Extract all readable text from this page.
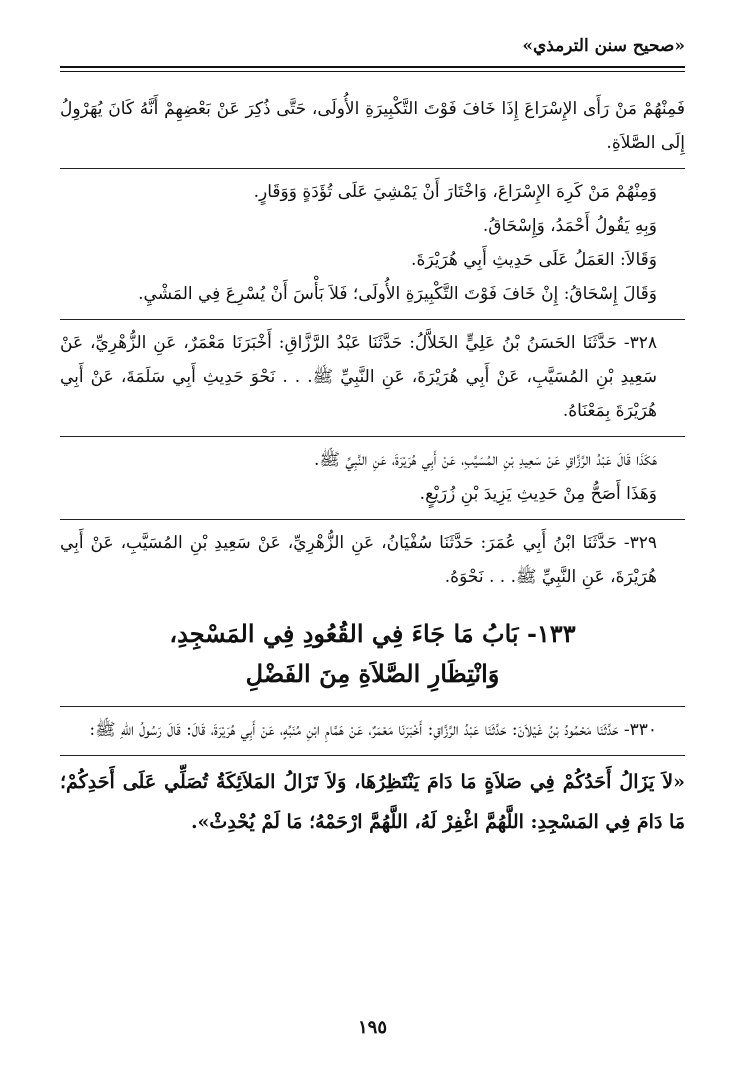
«صحيح سنن الترمذي»

فَمِنْهُمْ مَنْ رَأَى الإِسْرَاعَ إِذَا خَافَ فَوْتَ التَّكْبِيرَةِ الأُولَى، حَتَّى ذُكِرَ عَنْ بَعْضِهِمْ أَنَّهُ كَانَ يُهَرْوِلُ إِلَى الصَّلاَةِ.

وَمِنْهُمْ مَنْ كَرِهَ الإِسْرَاعَ، وَاخْتَارَ أَنْ يَمْشِيَ عَلَى تُؤَدَةٍ وَوَقَارٍ.

وَبِهِ يَقُولُ أَحْمَدُ، وَإِسْحَاقُ.

وَقَالاَ: العَمَلُ عَلَى حَدِيثِ أَبِي هُرَيْرَةَ.

وَقَالَ إِسْحَاقُ: إِنْ خَافَ فَوْتَ التَّكْبِيرَةِ الأُولَى؛ فَلاَ بَأْسَ أَنْ يُسْرِعَ فِي المَشْيِ.

٣٢٨- حَدَّثَنَا الحَسَنُ بْنُ عَلِيٍّ الخَلاَّلُ: حَدَّثَنَا عَبْدُ الرَّزَّاقِ: أَخْبَرَنَا مَعْمَرٌ، عَنِ الزُّهْرِيِّ، عَنْ سَعِيدِ بْنِ المُسَيَّبِ، عَنْ أَبِي هُرَيْرَةَ، عَنِ النَّبِيِّ ﷺ. . . نَحْوَ حَدِيثِ أَبِي سَلَمَةَ، عَنْ أَبِي هُرَيْرَةَ بِمَعْنَاهُ.

هَكَذَا قَالَ عَبْدُ الرَّزَّاقِ عَنْ سَعِيدِ بْنِ المُسَيَّبِ، عَنْ أَبِي هُرَيْرَةَ، عَنِ النَّبِيِّ ﷺ.

وَهَذَا أَصَحُّ مِنْ حَدِيثِ يَزِيدَ بْنِ زُرَيْعٍ.

٣٢٩- حَدَّثَنَا ابْنُ أَبِي عُمَرَ: حَدَّثَنَا سُفْيَانُ، عَنِ الزُّهْرِيِّ، عَنْ سَعِيدِ بْنِ المُسَيَّبِ، عَنْ أَبِي هُرَيْرَةَ، عَنِ النَّبِيِّ ﷺ. . . نَحْوَهُ.

١٣٣- بَابُ مَا جَاءَ فِي القُعُودِ فِي المَسْجِدِ،
وَانْتِظَارِ الصَّلاَةِ مِنَ الفَضْلِ

٣٣٠- حَدَّثَنَا مَحْمُودُ بْنُ غَيْلاَنَ: حَدَّثَنَا عَبْدُ الرَّزَّاقِ: أَخْبَرَنَا مَعْمَرٌ، عَنْ هَمَّامِ ابْنِ مُنَبِّهٍ، عَنْ أَبِي هُرَيْرَةَ، قَالَ: قَالَ رَسُولُ اللهِ ﷺ:

«لاَ يَزَالُ أَحَدُكُمْ فِي صَلاَةٍ مَا دَامَ يَنْتَظِرُهَا، وَلاَ تَزَالُ المَلاَئِكَةُ تُصَلِّي عَلَى أَحَدِكُمْ؛ مَا دَامَ فِي المَسْجِدِ: اللَّهُمَّ اغْفِرْ لَهُ، اللَّهُمَّ ارْحَمْهُ؛ مَا لَمْ يُحْدِثْ».

١٩٥
